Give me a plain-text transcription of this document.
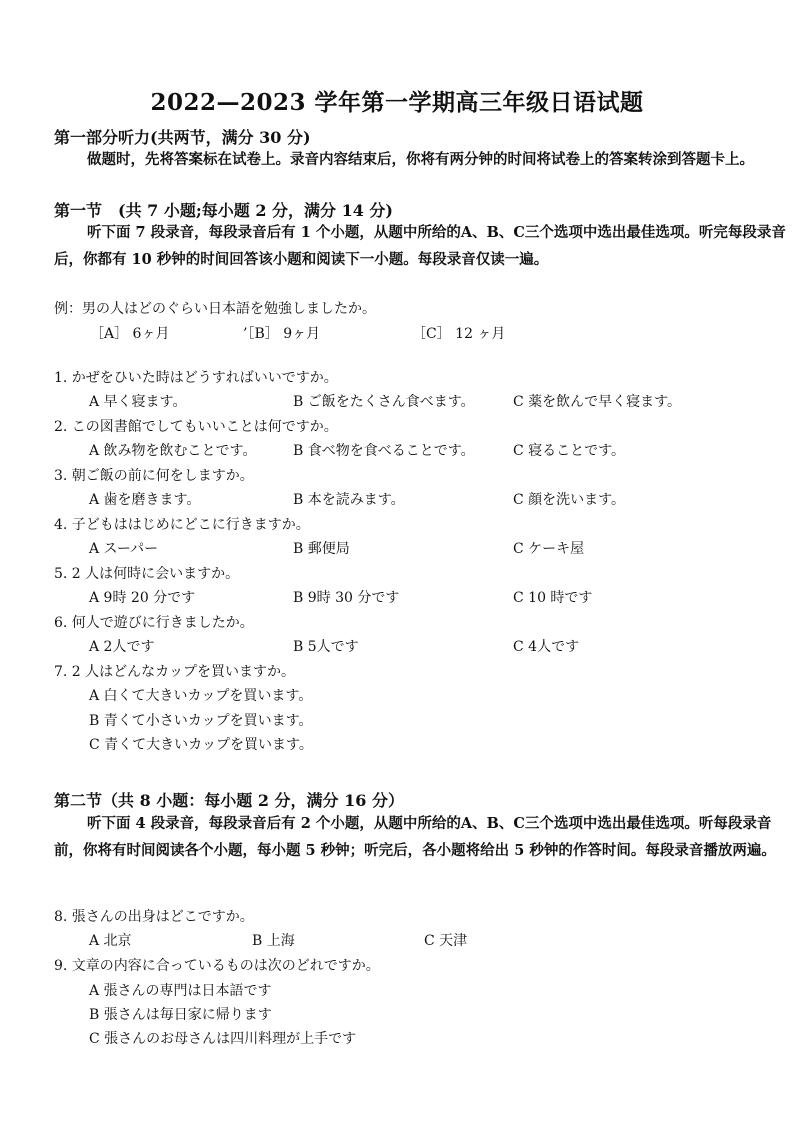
2022—2023 学年第一学期高三年级日语试题
第一部分听力(共两节，满分 30 分)
做题时，先将答案标在试卷上。录音内容结束后，你将有两分钟的时间将试卷上的答案转涂到答题卡上。
第一节　(共 7 小题;每小题 2 分，满分 14 分)
听下面 7 段录音，每段录音后有 1 个小题，从题中所给的A、B、C三个选项中选出最佳选项。听完每段录音后，你都有 10 秒钟的时间回答该小题和阅读下一小题。每段录音仅读一遍。
例：男の人はどのぐらい日本語を勉強しましたか。
［A］ 6ヶ月	’［B］ 9ヶ月	［C］ 12 ヶ月
1. かぜをひいた時はどうすればいいですか。
A 早く寝ます。	B ご飯をたくさん食べます。	C 薬を飲んで早く寝ます。
2. この図書館でしてもいいことは何ですか。
A 飲み物を飲むことです。	B 食べ物を食べることです。	C 寝ることです。
3. 朝ご飯の前に何をしますか。
A 歯を磨きます。	B 本を読みます。	C 顔を洗います。
4. 子どもははじめにどこに行きますか。
A スーパー	B 郵便局	C ケーキ屋
5. 2 人は何時に会いますか。
A 9時 20 分です	B 9時 30 分です	C 10 時です
6. 何人で遊びに行きましたか。
A 2人です	B 5人です	C 4人です
7. 2 人はどんなカップを買いますか。
A 白くて大きいカップを買います。
B 青くて小さいカップを買います。
C 青くて大きいカップを買います。
第二节（共 8 小题：每小题 2 分，满分 16 分）
听下面 4 段录音，每段录音后有 2 个小题，从题中所给的A、B、C三个选项中选出最佳选项。听每段录音前，你将有时间阅读各个小题，每小题 5 秒钟；听完后，各小题将给出 5 秒钟的作答时间。每段录音播放两遍。
8. 張さんの出身はどこですか。
A 北京	B 上海	C 天津
9. 文章の内容に合っているものは次のどれですか。
A 張さんの専門は日本語です
B 張さんは毎日家に帰ります
C 張さんのお母さんは四川料理が上手です
